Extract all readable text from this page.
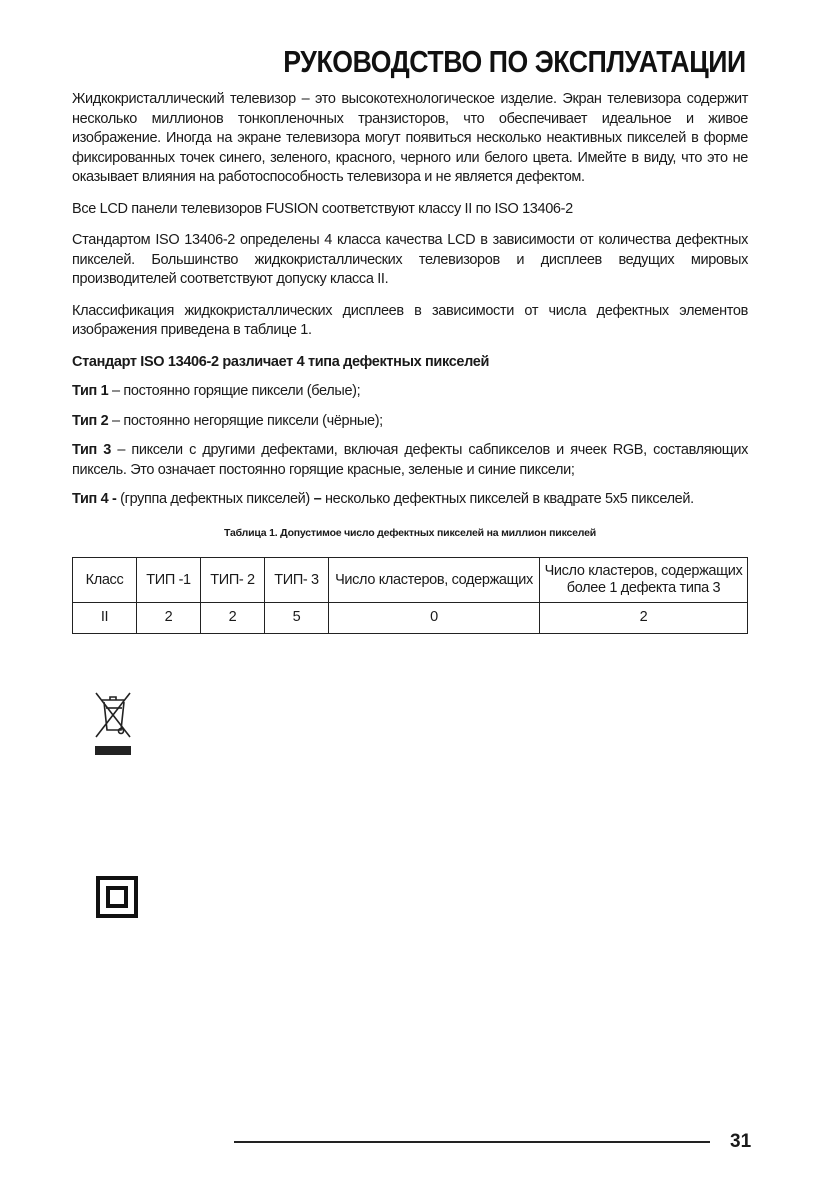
РУКОВОДСТВО ПО ЭКСПЛУАТАЦИИ

Жидкокристаллический телевизор – это высокотехнологическое изделие. Экран телевизора содержит несколько миллионов тонкопленочных транзисторов, что обеспечивает идеальное и живое изображение. Иногда на экране телевизора могут появиться несколько неактивных пикселей в форме фиксированных точек синего, зеленого, красного, черного или белого цвета. Имейте в виду, что это не оказывает влияния на работоспособность телевизора и не является дефектом.

Все LCD панели телевизоров FUSION соответствуют классу II по ISO 13406-2

Стандартом ISO 13406-2 определены 4 класса качества LCD в зависимости от количества дефектных пикселей. Большинство жидкокристаллических телевизоров и дисплеев ведущих мировых производителей соответствуют допуску класса II.

Классификация жидкокристаллических дисплеев в зависимости от числа дефектных элементов изображения приведена в таблице 1.

Стандарт ISO 13406-2 различает 4 типа дефектных пикселей

Тип 1 – постоянно горящие пиксели (белые);

Тип 2 – постоянно негорящие пиксели (чёрные);

Тип 3 – пиксели с другими дефектами, включая дефекты сабпикселов и ячеек RGB, составляющих пиксель. Это означает постоянно горящие красные, зеленые и синие пиксели;

Тип 4 - (группа дефектных пикселей) – несколько дефектных пикселей в квадрате 5x5 пикселей.

Таблица 1. Допустимое число дефектных пикселей на миллион пикселей
Класс	ТИП -1	ТИП- 2	ТИП- 3	Число кластеров, содержащих	Число кластеров, содержащих более 1 дефекта типа 3
II	2	2	5	0	2
31
